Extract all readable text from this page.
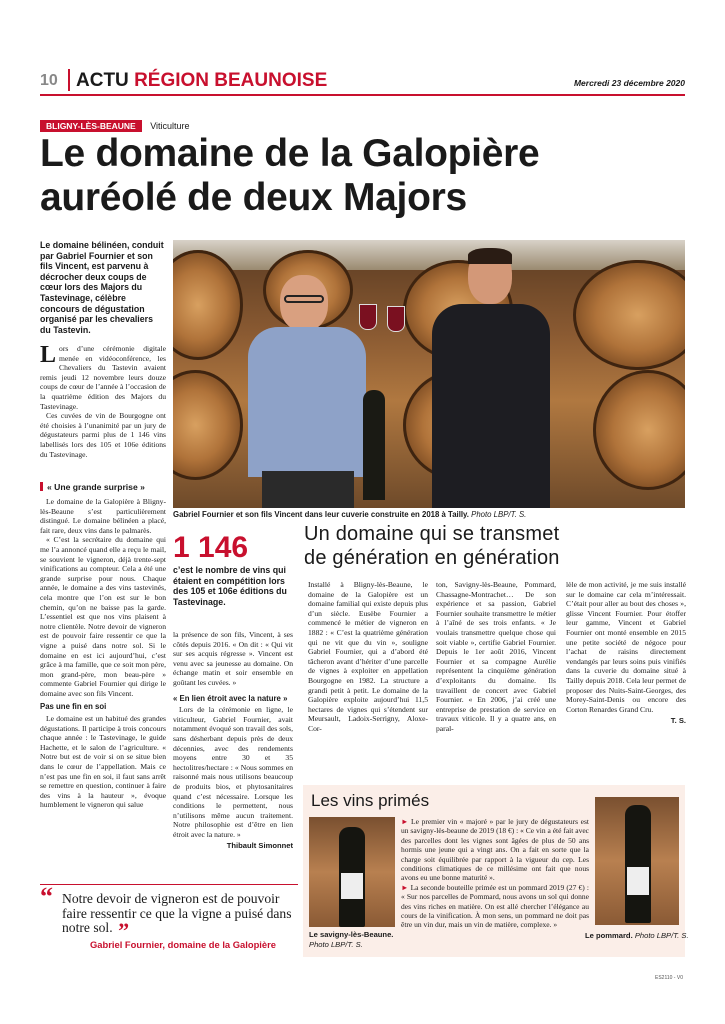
10 ACTU RÉGION BEAUNOISE	Mercredi 23 décembre 2020
BLIGNY-LÈS-BEAUNE Viticulture
Le domaine de la Galopière
auréolé de deux Majors
Le domaine bélinéen, conduit par Gabriel Fournier et son fils Vincent, est parvenu à décrocher deux coups de cœur lors des Majors du Tastevinage, célèbre concours de dégustation organisé par les chevaliers du Tastevin.

Lors d’une cérémonie digitale menée en vidéoconférence, les Chevaliers du Tastevin avaient remis jeudi 12 novembre leurs douze coups de cœur de l’année à l’occasion de la quatrième édition des Majors du Tastevinage.

Ces cuvées de vin de Bourgogne ont été choisies à l’unanimité par un jury de dégustateurs parmi plus de 1 146 vins labellisés lors des 105 et 106e éditions du Tastevinage.

« Une grande surprise »

Le domaine de la Galopière à Bligny-lès-Beaune s’est particulièrement distingué. Le domaine bélinéen a placé, fait rare, deux vins dans le palmarès.

« C’est la secrétaire du domaine qui me l’a annoncé quand elle a reçu le mail, se souvient le vigneron, déjà trente-sept vinifications au compteur. Cela a été une grande surprise pour nous. Chaque année, le domaine a des vins tastevinés, cela montre que l’on est sur le bon chemin, qu’on ne baisse pas la garde. L’essentiel est que nos vins plaisent à notre clientèle. Notre devoir de vigneron est de pouvoir faire ressentir ce que la vigne a puisé dans notre sol. Si le domaine en est ici aujourd’hui, c’est grâce à ma famille, que ce soit mon père, mon grand-père, mon beau-père » commente Gabriel Fournier qui dirige le domaine avec son fils Vincent.

Pas une fin en soi

Le domaine est un habitué des grandes dégustations. Il participe à trois concours chaque année : le Tastevinage, le guide Hachette, et le salon de l’agriculture. « Notre but est de voir si on se situe bien dans le cœur de l’appellation. Mais ce n’est pas une fin en soi, il faut sans arrêt se remettre en question, continuer à faire des vins à la hauteur », évoque humblement le vigneron qui salue

Gabriel Fournier et son fils Vincent dans leur cuverie construite en 2018 à Tailly. Photo LBP/T. S.
1 146
c’est le nombre de vins qui étaient en compétition lors des 105 et 106e éditions du Tastevinage.

la présence de son fils, Vincent, à ses côtés depuis 2016. « On dit : « Qui vit sur ses acquis régresse ». Vincent est venu avec sa jeunesse au domaine. On échange matin et soir ensemble en goûtant les cuvées. »

« En lien étroit avec la nature »

Lors de la cérémonie en ligne, le viticulteur, Gabriel Fournier, avait notamment évoqué son travail des sols, sans désherbant depuis près de deux décennies, avec des rendements moyens entre 30 et 35 hectolitres/hectare : « Nous sommes en raisonné mais nous utilisons beaucoup de produits bios, et phytosanitaires quand c’est nécessaire. Lorsque les conditions le permettent, nous n’utilisons même aucun traitement. Notre philosophie est d’être en lien étroit avec la nature. »

Thibault Simonnet
Un domaine qui se transmet
de génération en génération
Installé à Bligny-lès-Beaune, le domaine de la Galopière est un domaine familial qui existe depuis plus d’un siècle. Eusèbe Fournier a commencé le métier de vigneron en 1882 : « C’est la quatrième génération qui ne vit que du vin », souligne Gabriel Fournier, qui a d’abord été tâcheron avant d’hériter d’une parcelle de vignes à exploiter en appellation Bourgogne en 1982. La structure a grandi petit à petit. Le domaine de la Galopière exploite aujourd’hui 11,5 hectares de vignes qui s’étendent sur Meursault, Ladoix-Serrigny, Aloxe-Cor-
ton, Savigny-lès-Beaune, Pommard, Chassagne-Montrachet… De son expérience et sa passion, Gabriel Fournier souhaite transmettre le métier à l’aîné de ses trois enfants. « Je voulais transmettre quelque chose qui soit viable », certifie Gabriel Fournier. Depuis le 1er août 2016, Vincent Fournier et sa compagne Aurélie représentent la cinquième génération d’exploitants du domaine. Ils travaillent de concert avec Gabriel Fournier. « En 2006, j’ai créé une entreprise de prestation de service en travaux viticole. Il y a quatre ans, en paral-
lèle de mon activité, je me suis installé sur le domaine car cela m’intéressait. C’était pour aller au bout des choses », glisse Vincent Fournier. Pour étoffer leur gamme, Vincent et Gabriel Fournier ont monté ensemble en 2015 une petite société de négoce pour l’achat de raisins directement vendangés par leurs soins puis vinifiés dans la cuverie du domaine situé à Tailly depuis 2018. Cela leur permet de proposer des Nuits-Saint-Georges, des Morey-Saint-Denis ou encore des Corton Renardes Grand Cru.
T. S.
Les vins primés
Le savigny-lès-Beaune. Photo LBP/T. S.

► Le premier vin « majoré » par le jury de dégustateurs est un savigny-lès-beaune de 2019 (18 €) : « Ce vin a été fait avec des parcelles dont les vignes sont âgées de plus de 50 ans hormis une jeune qui a vingt ans. On a fait en sorte que la charge soit équilibrée par rapport à la vigueur du cep. Les conditions climatiques de ce millésime ont fait que nous avons eu une bonne maturité ».

► La seconde bouteille primée est un pommard 2019 (27 €) : « Sur nos parcelles de Pommard, nous avons un sol qui donne des vins riches en matière. On est allé chercher l’élégance au cours de la vinification. À mon sens, un pommard ne doit pas être un vin dur, mais un vin de matière, complexe. »

Le pommard. Photo LBP/T. S.
“ Notre devoir de vigneron est de pouvoir faire ressentir ce que la vigne a puisé dans notre sol. ”
Gabriel Fournier, domaine de la Galopière
ES2110 - V0
